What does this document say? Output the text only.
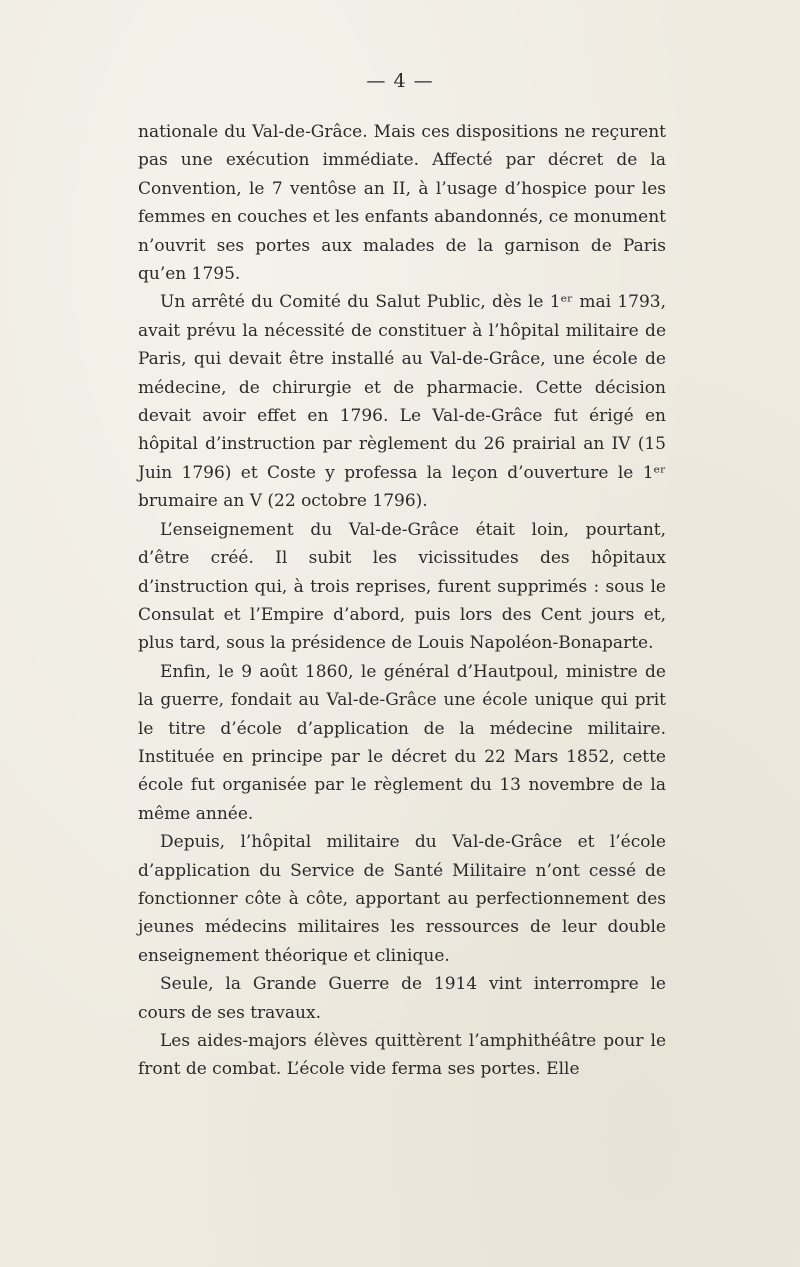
— 4 —

nationale du Val-de-Grâce. Mais ces dispositions ne reçurent pas une exécution immédiate. Affecté par décret de la Convention, le 7 ventôse an II, à l’usage d’hospice pour les femmes en couches et les enfants abandonnés, ce monument n’ouvrit ses portes aux malades de la garnison de Paris qu’en 1795.

Un arrêté du Comité du Salut Public, dès le 1ᵉʳ mai 1793, avait prévu la nécessité de constituer à l’hôpital militaire de Paris, qui devait être installé au Val-de-Grâce, une école de médecine, de chirurgie et de pharmacie. Cette décision devait avoir effet en 1796. Le Val-de-Grâce fut érigé en hôpital d’instruction par règlement du 26 prairial an IV (15 Juin 1796) et Coste y professa la leçon d’ouverture le 1ᵉʳ brumaire an V (22 octobre 1796).

L’enseignement du Val-de-Grâce était loin, pourtant, d’être créé. Il subit les vicissitudes des hôpitaux d’instruction qui, à trois reprises, furent supprimés : sous le Consulat et l’Empire d’abord, puis lors des Cent jours et, plus tard, sous la présidence de Louis Napoléon-Bonaparte.

Enfin, le 9 août 1860, le général d’Hautpoul, ministre de la guerre, fondait au Val-de-Grâce une école unique qui prit le titre d’école d’application de la médecine militaire. Instituée en principe par le décret du 22 Mars 1852, cette école fut organisée par le règlement du 13 novembre de la même année.

Depuis, l’hôpital militaire du Val-de-Grâce et l’école d’application du Service de Santé Militaire n’ont cessé de fonctionner côte à côte, apportant au perfectionnement des jeunes médecins militaires les ressources de leur double enseignement théorique et clinique.

Seule, la Grande Guerre de 1914 vint interrompre le cours de ses travaux.

Les aides-majors élèves quittèrent l’amphithéâtre pour le front de combat. L’école vide ferma ses portes. Elle
